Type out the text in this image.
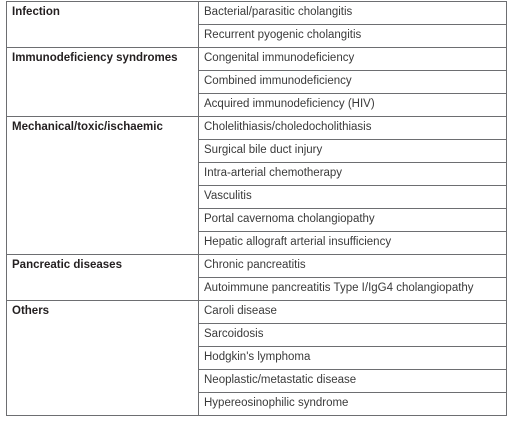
Infection	Bacterial/parasitic cholangitis
	Recurrent pyogenic cholangitis
Immunodeficiency syndromes	Congenital immunodeficiency
	Combined immunodeficiency
	Acquired immunodeficiency (HIV)
Mechanical/toxic/ischaemic	Cholelithiasis/choledocholithiasis
	Surgical bile duct injury
	Intra-arterial chemotherapy
	Vasculitis
	Portal cavernoma cholangiopathy
	Hepatic allograft arterial insufficiency
Pancreatic diseases	Chronic pancreatitis
	Autoimmune pancreatitis Type I/IgG4 cholangiopathy
Others	Caroli disease
	Sarcoidosis
	Hodgkin's lymphoma
	Neoplastic/metastatic disease
	Hypereosinophilic syndrome
